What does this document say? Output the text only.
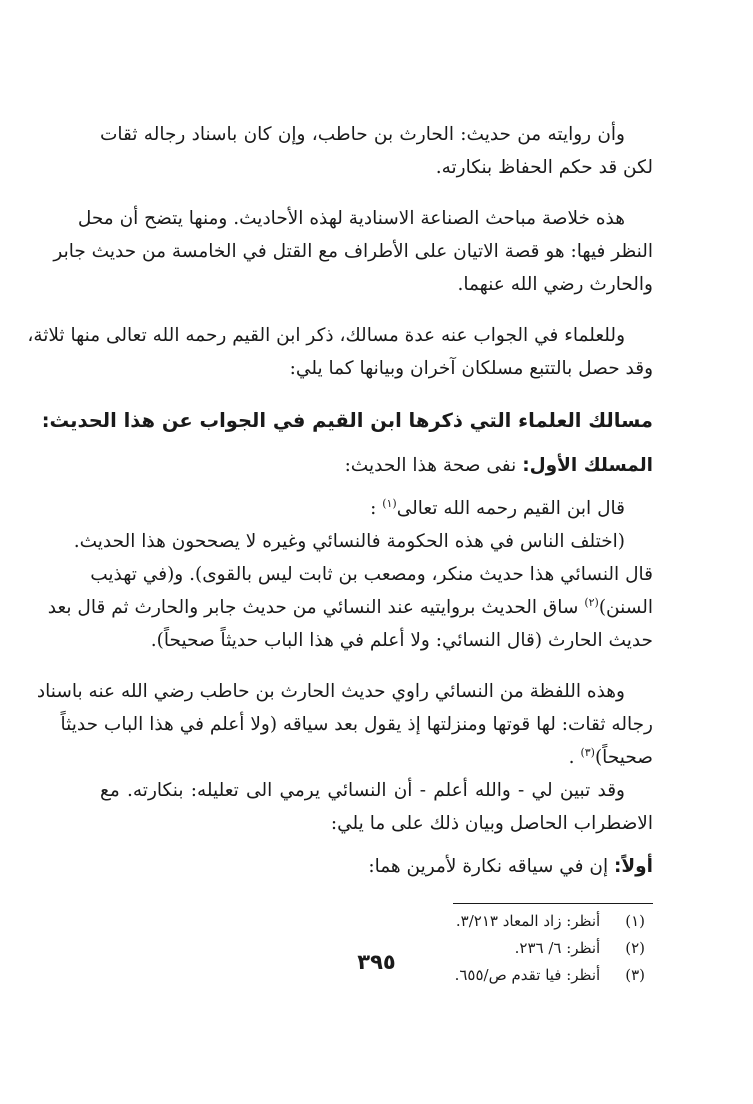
وأن روايته من حديث: الحارث بن حاطب، وإن كان باسناد رجاله ثقات
لكن قد حكم الحفاظ بنكارته.
هذه خلاصة مباحث الصناعة الاسنادية لهذه الأحاديث. ومنها يتضح أن محل
النظر فيها: هو قصة الاتيان على الأطراف مع القتل في الخامسة من حديث جابر
والحارث رضي الله عنهما.
وللعلماء في الجواب عنه عدة مسالك، ذكر ابن القيم رحمه الله تعالى منها ثلاثة،
وقد حصل بالتتبع مسلكان آخران وبيانها كما يلي:
مسالك العلماء التي ذكرها ابن القيم في الجواب عن هذا الحديث:
المسلك الأول: نفى صحة هذا الحديث:
قال ابن القيم رحمه الله تعالى$^{(١)}$ :
(اختلف الناس في هذه الحكومة فالنسائي وغيره لا يصححون هذا الحديث.
قال النسائي هذا حديث منكر، ومصعب بن ثابت ليس بالقوى). و(في تهذيب
السنن)$^{(٢)}$ ساق الحديث بروايتيه عند النسائي من حديث جابر والحارث ثم قال بعد
حديث الحارث (قال النسائي: ولا أعلم في هذا الباب حديثاً صحيحاً).
وهذه اللفظة من النسائي راوي حديث الحارث بن حاطب رضي الله عنه باسناد
رجاله ثقات: لها قوتها ومنزلتها إذ يقول بعد سياقه (ولا أعلم في هذا الباب حديثاً
صحيحاً)$^{(٣)}$ .
وقد تبين لي - والله أعلم - أن النسائي يرمي الى تعليله: بنكارته. مع
الاضطراب الحاصل وبيان ذلك على ما يلي:
أولاً: إن في سياقه نكارة لأمرين هما:
(١) أنظر: زاد المعاد ٣/٢١٣.
(٢) أنظر: ٦/ ٢٣٦.
(٣) أنظر: فيا تقدم ص/٦٥٥.
٣٩٥
